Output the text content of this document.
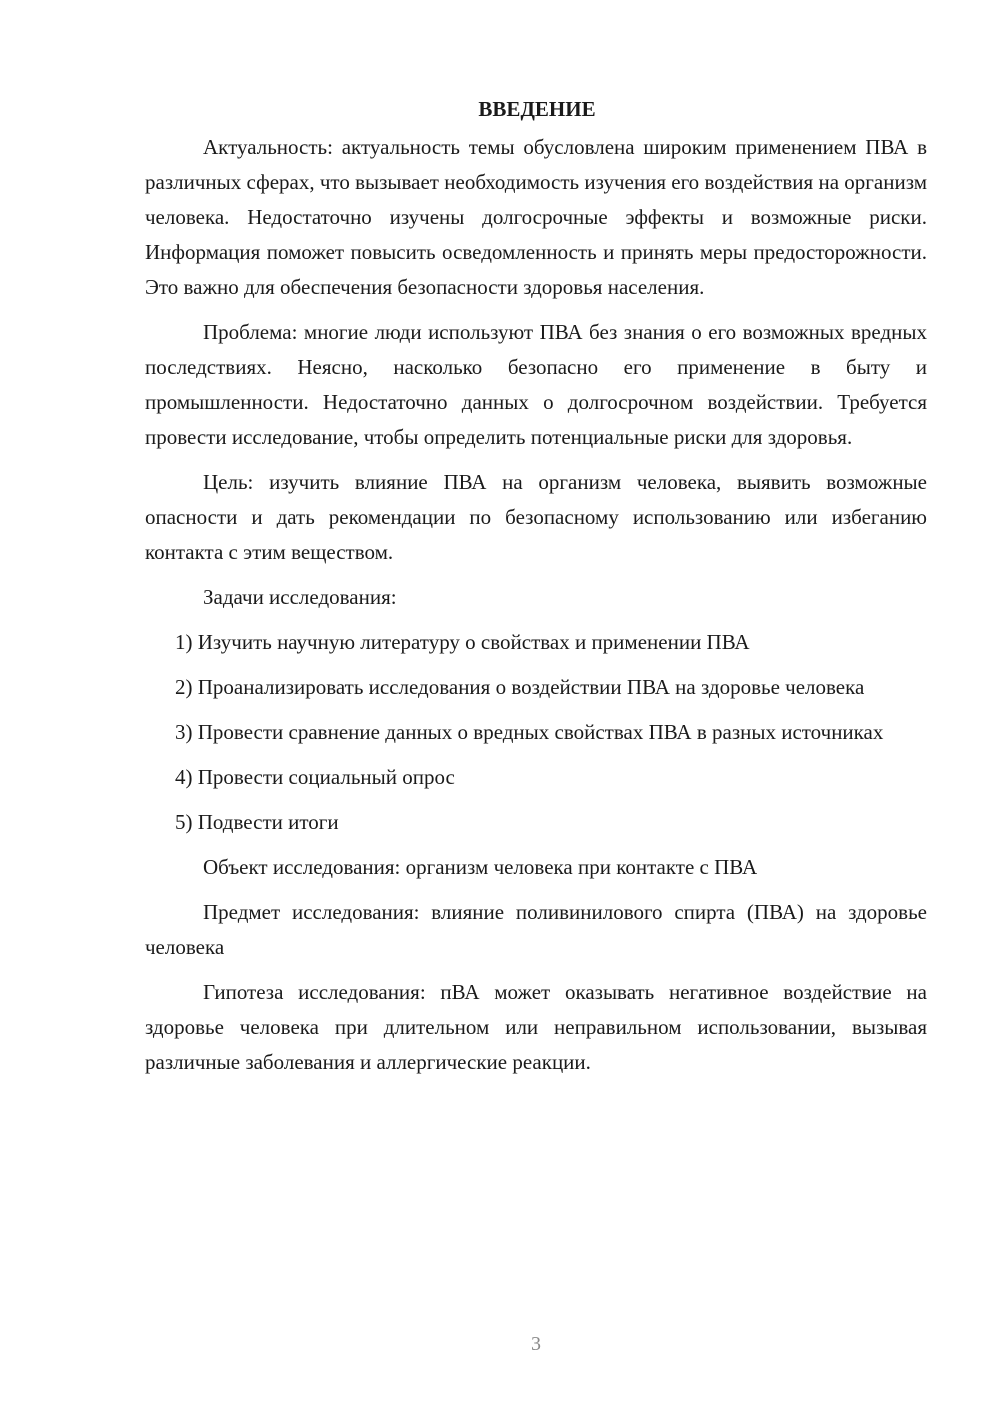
ВВЕДЕНИЕ

Актуальность: актуальность темы обусловлена широким применением ПВА в различных сферах, что вызывает необходимость изучения его воздействия на организм человека. Недостаточно изучены долгосрочные эффекты и возможные риски. Информация поможет повысить осведомленность и принять меры предосторожности. Это важно для обеспечения безопасности здоровья населения.

Проблема: многие люди используют ПВА без знания о его возможных вредных последствиях. Неясно, насколько безопасно его применение в быту и промышленности. Недостаточно данных о долгосрочном воздействии. Требуется провести исследование, чтобы определить потенциальные риски для здоровья.

Цель: изучить влияние ПВА на организм человека, выявить возможные опасности и дать рекомендации по безопасному использованию или избеганию контакта с этим веществом.

Задачи исследования:

1) Изучить научную литературу о свойствах и применении ПВА

2) Проанализировать исследования о воздействии ПВА на здоровье человека

3) Провести сравнение данных о вредных свойствах ПВА в разных источниках

4) Провести социальный опрос

5) Подвести итоги

Объект исследования: организм человека при контакте с ПВА

Предмет исследования: влияние поливинилового спирта (ПВА) на здоровье человека

Гипотеза исследования: пВА может оказывать негативное воздействие на здоровье человека при длительном или неправильном использовании, вызывая различные заболевания и аллергические реакции.

3
